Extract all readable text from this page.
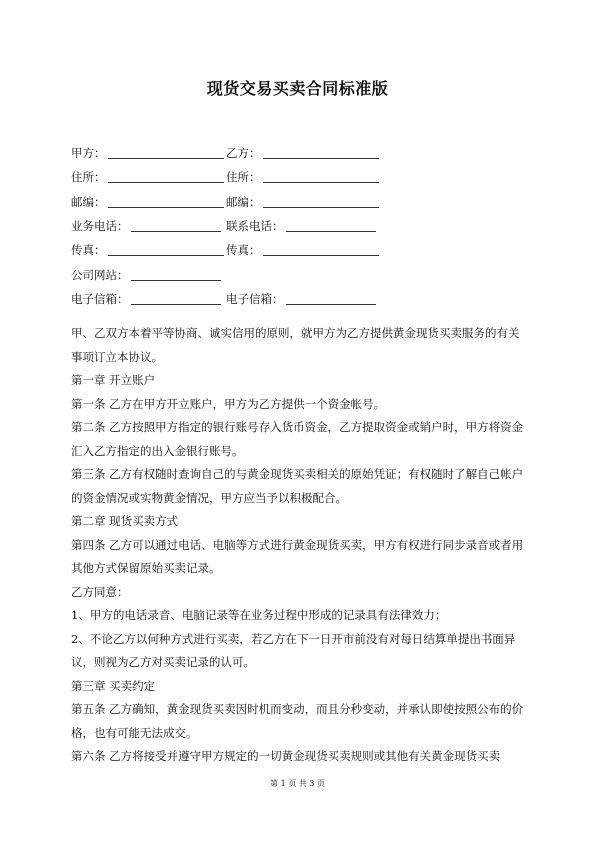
现货交易买卖合同标准版
甲方：	乙方：
住所：	住所：
邮编：	邮编：
业务电话：	联系电话：
传真：	传真：
公司网站：
电子信箱：	电子信箱：

甲、乙双方本着平等协商、诚实信用的原则，就甲方为乙方提供黄金现货买卖服务的有关事项订立本协议。

第一章 开立账户

第一条 乙方在甲方开立账户，甲方为乙方提供一个资金帐号。

第二条 乙方按照甲方指定的银行账号存入货币资金，乙方提取资金或销户时，甲方将资金汇入乙方指定的出入金银行账号。

第三条 乙方有权随时查询自己的与黄金现货买卖相关的原始凭证；有权随时了解自己帐户的资金情况或实物黄金情况，甲方应当予以积极配合。

第二章 现货买卖方式

第四条 乙方可以通过电话、电脑等方式进行黄金现货买卖，甲方有权进行同步录音或者用其他方式保留原始买卖记录。

乙方同意：

1、甲方的电话录音、电脑记录等在业务过程中形成的记录具有法律效力；

2、不论乙方以何种方式进行买卖，若乙方在下一日开市前没有对每日结算单提出书面异议，则视为乙方对买卖记录的认可。

第三章 买卖约定

第五条 乙方确知，黄金现货买卖因时机而变动，而且分秒变动，并承认即使按照公布的价格，也有可能无法成交。

第六条 乙方将接受并遵守甲方规定的一切黄金现货买卖规则或其他有关黄金现货买卖

第 1 页 共 3 页
